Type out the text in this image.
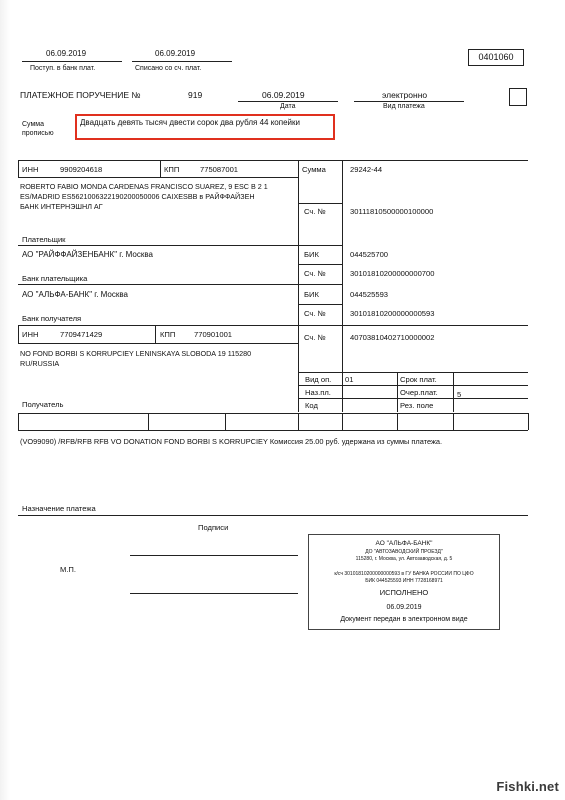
06.09.2019
Поступ. в банк плат.
06.09.2019
Списано со сч. плат.
0401060
ПЛАТЕЖНОЕ ПОРУЧЕНИЕ №	919	06.09.2019
Дата
электронно
Вид платежа
Сумма
прописью
Двадцать девять тысяч двести сорок два рубля 44 копейки
ИНН	9909204618	КПП	775087001	Сумма	29242-44
ROBERTO FABIO MONDA CARDENAS FRANCISCO SUAREZ, 9 ESC B 2 1
ES/MADRID ES5621006322190200050006 CAIXESBB в РАЙФФАЙЗЕН
БАНК ИНТЕРНЭШНЛ АГ
Сч. №	30111810500000100000
Плательщик
АО "РАЙФФАЙЗЕНБАНК" г. Москва	БИК	044525700
Сч. №	30101810200000000700
Банк плательщика
АО "АЛЬФА-БАНК" г. Москва	БИК	044525593
Сч. №	30101810200000000593
Банк получателя
ИНН	7709471429	КПП 770901001	Сч. №	40703810402710000002
NO FOND BORBI S KORRUPCIEY LENINSKAYA SLOBODA 19 115280
RU/RUSSIA
Получатель
Вид оп. 01
Наз.пл.
Код
Срок плат.
Очер.плат.	5
Рез. поле
(VO99090) /RFB/RFB RFB VO DONATION FOND BORBI S KORRUPCIEY Комиссия 25.00 руб. удержана из суммы платежа.
Назначение платежа
Подписи
М.П.
АО "АЛЬФА-БАНК"
ДО "АВТОЗАВОДСКИЙ ПРОЕЗД"
115280, г. Москва, ул. Автозаводская, д. 5
к/сч 30101810200000000593 в ГУ БАНКА РОССИИ ПО ЦФО
БИК 044525593 ИНН 7728168971
ИСПОЛНЕНО
06.09.2019
Документ передан в электронном виде
Fishki.net
